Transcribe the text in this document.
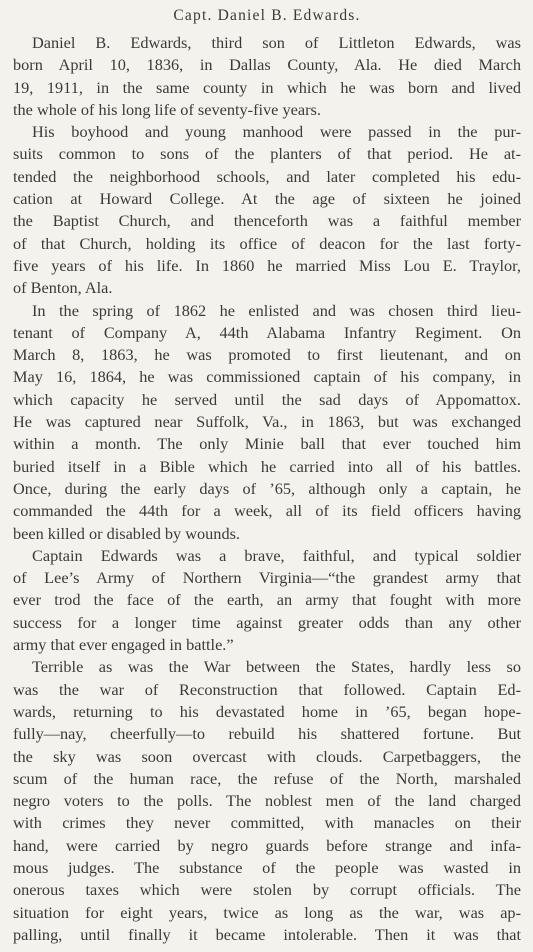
Capt. Daniel B. Edwards.
Daniel B. Edwards, third son of Littleton Edwards, was
born April 10, 1836, in Dallas County, Ala. He died March
19, 1911, in the same county in which he was born and lived
the whole of his long life of seventy-five years.
His boyhood and young manhood were passed in the pur-
suits common to sons of the planters of that period. He at-
tended the neighborhood schools, and later completed his edu-
cation at Howard College. At the age of sixteen he joined
the Baptist Church, and thenceforth was a faithful member
of that Church, holding its office of deacon for the last forty-
five years of his life. In 1860 he married Miss Lou E. Traylor,
of Benton, Ala.
In the spring of 1862 he enlisted and was chosen third lieu-
tenant of Company A, 44th Alabama Infantry Regiment. On
March 8, 1863, he was promoted to first lieutenant, and on
May 16, 1864, he was commissioned captain of his company, in
which capacity he served until the sad days of Appomattox.
He was captured near Suffolk, Va., in 1863, but was exchanged
within a month. The only Minie ball that ever touched him
buried itself in a Bible which he carried into all of his battles.
Once, during the early days of ’65, although only a captain, he
commanded the 44th for a week, all of its field officers having
been killed or disabled by wounds.
Captain Edwards was a brave, faithful, and typical soldier
of Lee’s Army of Northern Virginia—“the grandest army that
ever trod the face of the earth, an army that fought with more
success for a longer time against greater odds than any other
army that ever engaged in battle.”
Terrible as was the War between the States, hardly less so
was the war of Reconstruction that followed. Captain Ed-
wards, returning to his devastated home in ’65, began hope-
fully—nay, cheerfully—to rebuild his shattered fortune. But
the sky was soon overcast with clouds. Carpetbaggers, the
scum of the human race, the refuse of the North, marshaled
negro voters to the polls. The noblest men of the land charged
with crimes they never committed, with manacles on their
hand, were carried by negro guards before strange and infa-
mous judges. The substance of the people was wasted in
onerous taxes which were stolen by corrupt officials. The
situation for eight years, twice as long as the war, was ap-
palling, until finally it became intolerable. Then it was that
